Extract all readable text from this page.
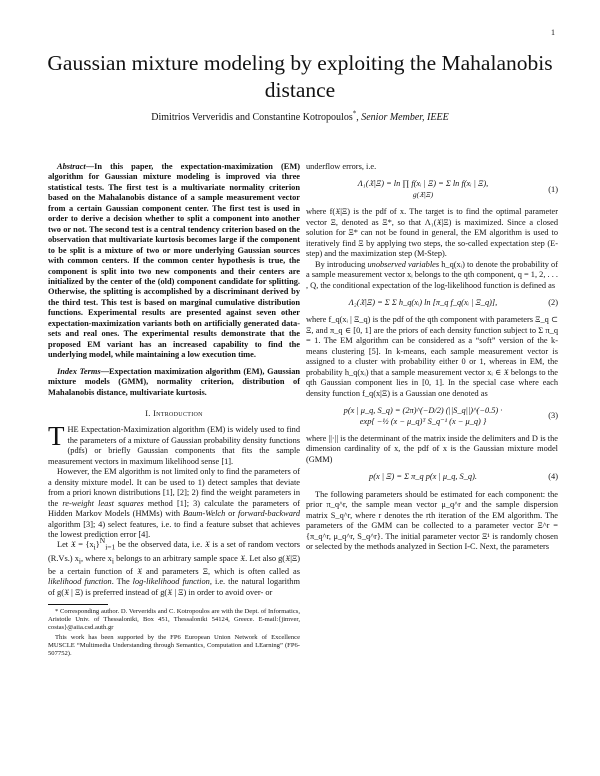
1
Gaussian mixture modeling by exploiting the Mahalanobis distance
Dimitrios Ververidis and Constantine Kotropoulos*, Senior Member, IEEE

Abstract—In this paper, the expectation-maximization (EM) algorithm for Gaussian mixture modeling is improved via three statistical tests. The first test is a multivariate normality criterion based on the Mahalanobis distance of a sample measurement vector from a certain Gaussian component center. The first test is used in order to derive a decision whether to split a component into another two or not. The second test is a central tendency criterion based on the observation that multivariate kurtosis becomes large if the component to be split is a mixture of two or more underlying Gaussian sources with common centers. If the common center hypothesis is true, the component is split into two new components and their centers are initialized by the center of the (old) component candidate for splitting. Otherwise, the splitting is accomplished by a discriminant derived by the third test. This test is based on marginal cumulative distribution functions. Experimental results are presented against seven other expectation-maximization variants both on artificially generated data-sets and real ones. The experimental results demonstrate that the proposed EM variant has an increased capability to find the underlying model, while maintaining a low execution time.

Index Terms—Expectation maximization algorithm (EM), Gaussian mixture models (GMM), normality criterion, distribution of Mahalanobis distance, multivariate kurtosis.

I. Introduction

THE Expectation-Maximization algorithm (EM) is widely used to find the parameters of a mixture of Gaussian probability density functions (pdfs) or briefly Gaussian components that fits the sample measurement vectors in maximum likelihood sense [1].

However, the EM algorithm is not limited only to find the parameters of a density mixture model. It can be used to 1) detect samples that deviate from a priori known distributions [1], [2]; 2) find the weight parameters in the re-weight least squares method [1]; 3) calculate the parameters of Hidden Markov Models (HMMs) with Baum-Welch or forward-backward algorithm [3]; 4) select features, i.e. to find a feature subset that achieves the lowest prediction error [4].

Let 𝔛 = $\{x_i\}^N_{i=1}$ be the observed data, i.e. 𝔛 is a set of random vectors (R.Vs.) $x_i$, where $x_i$ belongs to an arbitrary sample space 𝔛. Let also g(𝔛|Ξ) be a certain function of 𝔛 and parameters Ξ, which is often called as likelihood function. The log-likelihood function, i.e. the natural logarithm of g(𝔛 | Ξ) is preferred instead of g(𝔛 | Ξ) in order to avoid over- or

* Corresponding author. D. Ververidis and C. Kotropoulos are with the Dept. of Informatics, Aristotle Univ. of Thessaloniki, Box 451, Thessaloniki 54124, Greece. E-mail:{jimver, costas}@aiia.csd.auth.gr

This work has been supported by the FP6 European Union Network of Excellence MUSCLE “Multimedia Understanding through Semantics, Computation and LEarning” (FP6-507752).

underflow errors, i.e.

Λ₁(𝔛|Ξ) = ln ∏ f(xᵢ | Ξ) = Σ ln f(xᵢ | Ξ),
g(𝔛|Ξ)
(1)

where f(𝔛|Ξ) is the pdf of x. The target is to find the optimal parameter vector Ξ, denoted as Ξ*, so that Λ₁(𝔛|Ξ) is maximized. Since a closed solution for Ξ* can not be found in general, the EM algorithm is used to iteratively find Ξ by applying two steps, the so-called expectation step (E-step) and the maximization step (M-Step).

By introducing unobserved variables h_q(xᵢ) to denote the probability of a sample measurement vector xᵢ belongs to the qth component, q = 1, 2, . . . , Q, the conditional expectation of the log-likelihood function is defined as

Λ₂(𝔛|Ξ) = Σ Σ h_q(xᵢ) ln [π_q f_q(xᵢ | Ξ_q)],	(2)

where f_q(xᵢ | Ξ_q) is the pdf of the qth component with parameters Ξ_q ⊂ Ξ, and π_q ∈ [0, 1] are the priors of each density function subject to Σ π_q = 1. The EM algorithm can be considered as a “soft” version of the k-means clustering [5]. In k-means, each sample measurement vector is assigned to a cluster with probability either 0 or 1, whereas in EM, the probability h_q(xᵢ) that a sample measurement vector xᵢ ∈ 𝔛 belongs to the qth Gaussian component lies in [0, 1]. In the special case where each density function f_q(x|Ξ) is a Gaussian one denoted as

p(x | μ_q, S_q) = (2π)^(−D/2) (||S_q||)^(−0.5) ·
exp{ −½ (x − μ_q)ᵀ S_q⁻¹ (x − μ_q) }
(3)

where ||·|| is the determinant of the matrix inside the delimiters and D is the dimension cardinality of x, the pdf of x is the Gaussian mixture model (GMM)

p(x | Ξ) = Σ π_q p(x | μ_q, S_q).	(4)

The following parameters should be estimated for each component: the prior π_q^r, the sample mean vector μ_q^r and the sample dispersion matrix S_q^r, where r denotes the rth iteration of the EM algorithm. The parameters of the GMM can be collected to a parameter vector Ξ^r = {π_q^r, μ_q^r, S_q^r}. The initial parameter vector Ξ¹ is randomly chosen or selected by the methods analyzed in Section I-C. Next, the parameters
